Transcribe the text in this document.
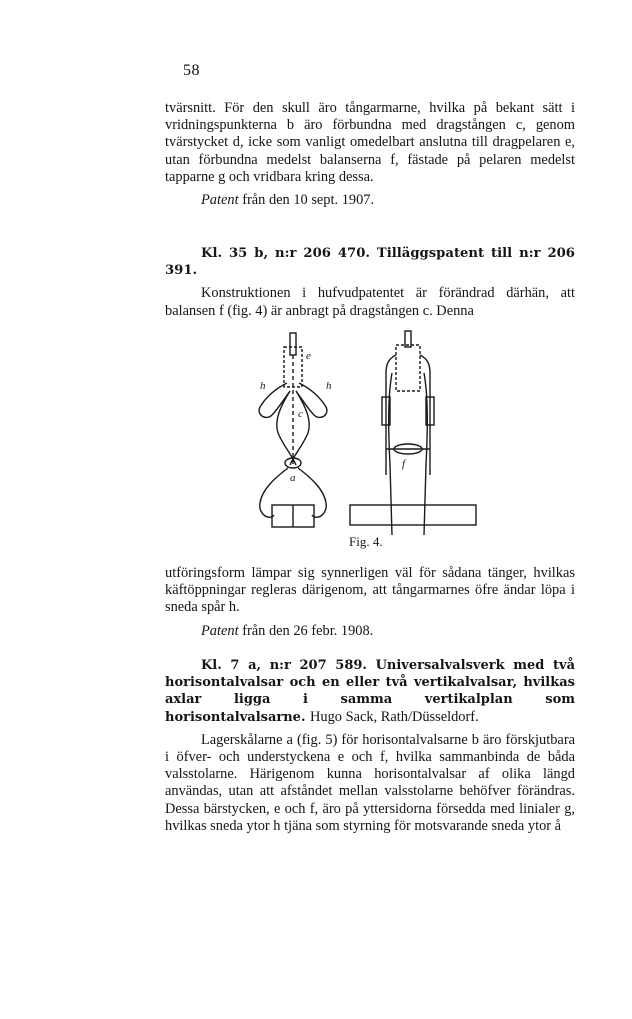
58

tvärsnitt. För den skull äro tångarmarne, hvilka på bekant sätt i vridningspunkterna b äro förbundna med dragstången c, genom tvärstycket d, icke som vanligt omedelbart anslutna till dragpelaren e, utan förbundna medelst balanserna f, fästade på pelaren medelst tapparne g och vridbara kring dessa.

Patent från den 10 sept. 1907.

Kl. 35 b, n:r 206 470. Tilläggspatent till n:r 206 391.

Konstruktionen i hufvudpatentet är förändrad därhän, att balansen f (fig. 4) är anbragt på dragstången c. Denna

e
h	h
c
a
f
Fig. 4.

utföringsform lämpar sig synnerligen väl för sådana tänger, hvilkas käftöppningar regleras därigenom, att tångarmarnes öfre ändar löpa i sneda spår h.

Patent från den 26 febr. 1908.

Kl. 7 a, n:r 207 589. Universalvalsverk med två horisontalvalsar och en eller två vertikalvalsar, hvilkas axlar ligga i samma vertikalplan som horisontalvalsarne. Hugo Sack, Rath/Düsseldorf.

Lagerskålarne a (fig. 5) för horisontalvalsarne b äro förskjutbara i öfver- och understyckena e och f, hvilka sammanbinda de båda valsstolarne. Härigenom kunna horisontalvalsar af olika längd användas, utan att afståndet mellan valsstolarne behöfver förändras. Dessa bärstycken, e och f, äro på yttersidorna försedda med linialer g, hvilkas sneda ytor h tjäna som styrning för motsvarande sneda ytor å
